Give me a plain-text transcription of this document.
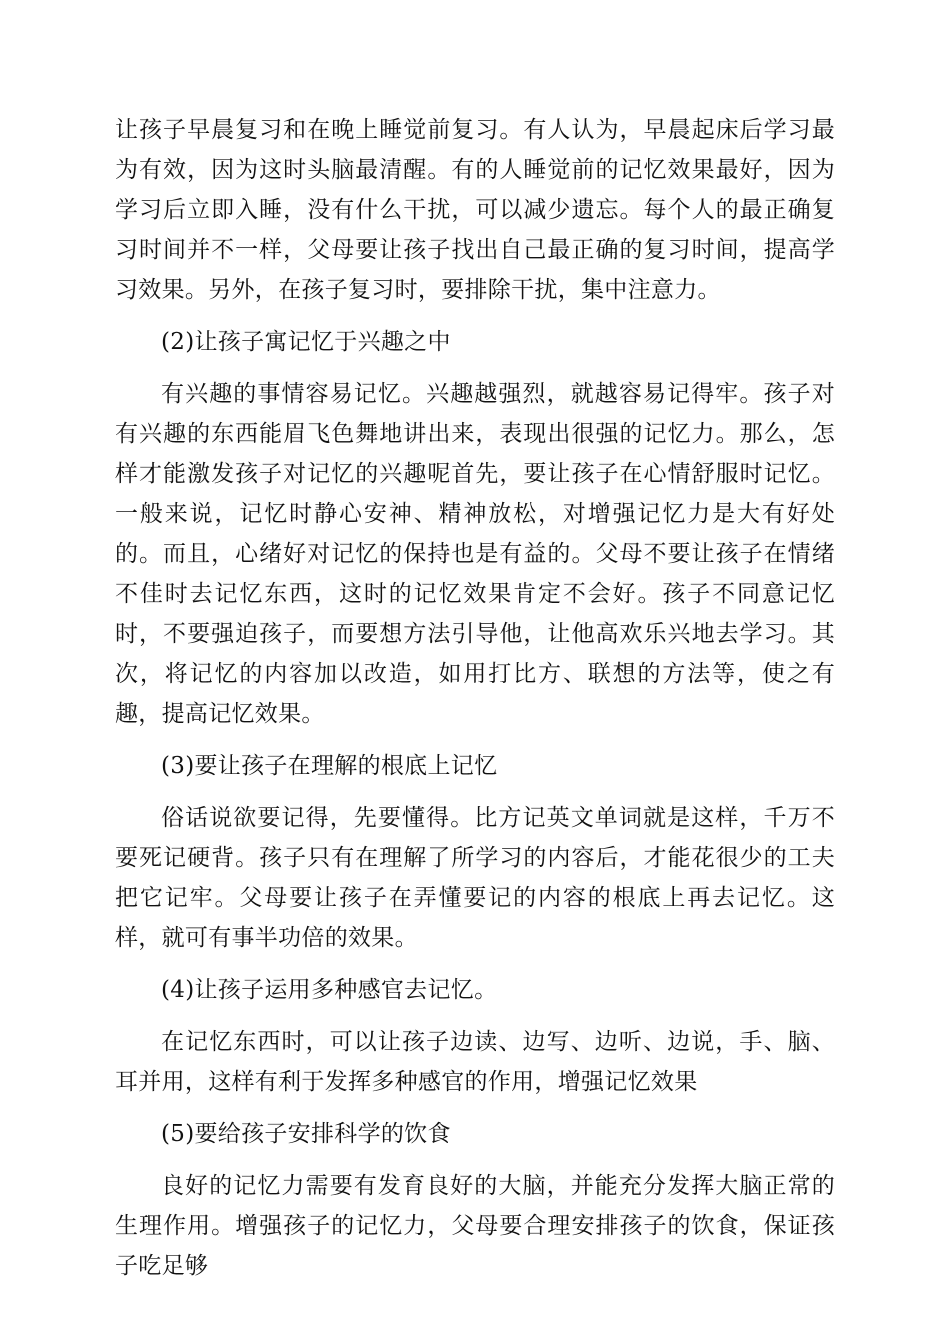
让孩子早晨复习和在晚上睡觉前复习。有人认为，早晨起床后学习最为有效，因为这时头脑最清醒。有的人睡觉前的记忆效果最好，因为学习后立即入睡，没有什么干扰，可以减少遗忘。每个人的最正确复习时间并不一样，父母要让孩子找出自己最正确的复习时间，提高学习效果。另外，在孩子复习时，要排除干扰，集中注意力。

(2)让孩子寓记忆于兴趣之中

有兴趣的事情容易记忆。兴趣越强烈，就越容易记得牢。孩子对有兴趣的东西能眉飞色舞地讲出来，表现出很强的记忆力。那么，怎样才能激发孩子对记忆的兴趣呢首先，要让孩子在心情舒服时记忆。一般来说，记忆时静心安神、精神放松，对增强记忆力是大有好处的。而且，心绪好对记忆的保持也是有益的。父母不要让孩子在情绪不佳时去记忆东西，这时的记忆效果肯定不会好。孩子不同意记忆时，不要强迫孩子，而要想方法引导他，让他高欢乐兴地去学习。其次，将记忆的内容加以改造，如用打比方、联想的方法等，使之有趣，提高记忆效果。

(3)要让孩子在理解的根底上记忆

俗话说欲要记得，先要懂得。比方记英文单词就是这样，千万不要死记硬背。孩子只有在理解了所学习的内容后，才能花很少的工夫把它记牢。父母要让孩子在弄懂要记的内容的根底上再去记忆。这样，就可有事半功倍的效果。

(4)让孩子运用多种感官去记忆。

在记忆东西时，可以让孩子边读、边写、边听、边说，手、脑、耳并用，这样有利于发挥多种感官的作用，增强记忆效果

(5)要给孩子安排科学的饮食

良好的记忆力需要有发育良好的大脑，并能充分发挥大脑正常的生理作用。增强孩子的记忆力，父母要合理安排孩子的饮食，保证孩子吃足够
